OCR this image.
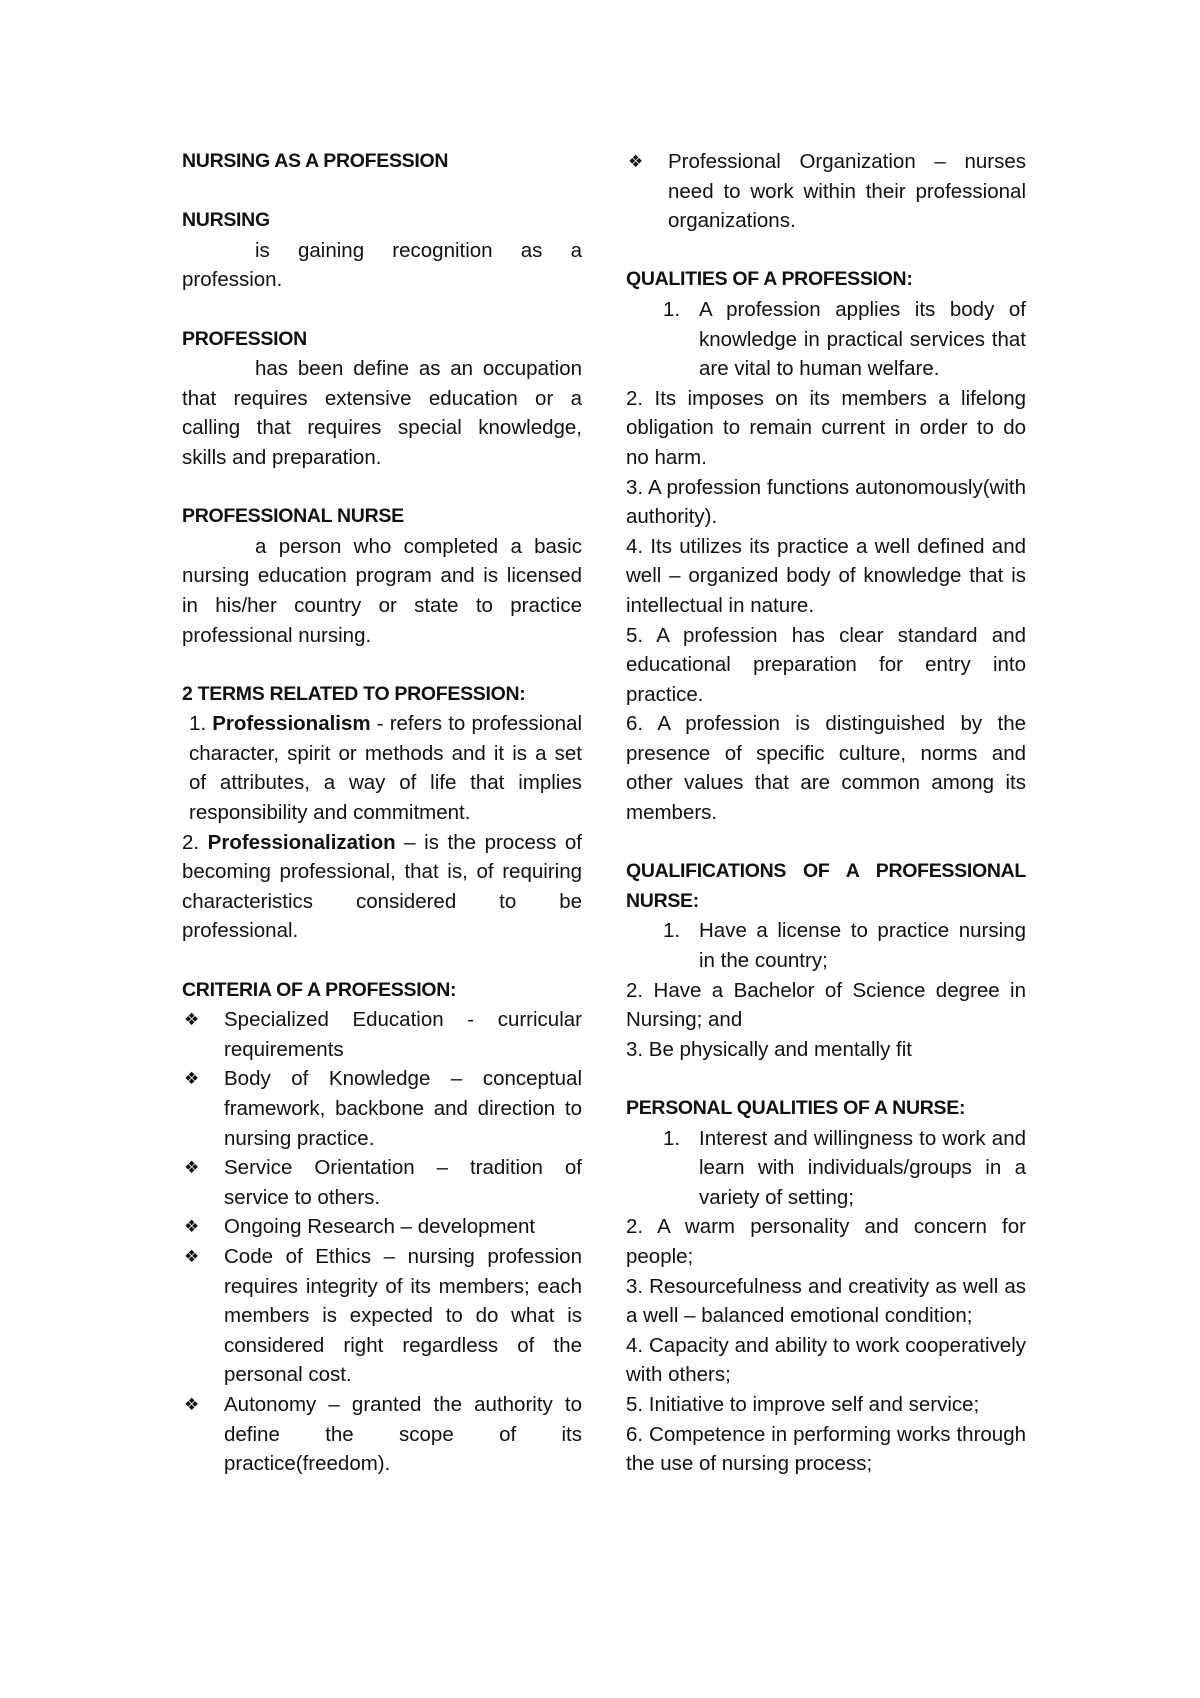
NURSING AS A PROFESSION

NURSING

is gaining recognition as a profession.

PROFESSION

has been define as an occupation that requires extensive education or a calling that requires special knowledge, skills and preparation.

PROFESSIONAL NURSE

a person who completed a basic nursing education program and is licensed in his/her country or state to practice professional nursing.

2 TERMS RELATED TO PROFESSION:

1. Professionalism - refers to professional character, spirit or methods and it is a set of attributes, a way of life that implies responsibility and commitment.

2. Professionalization – is the process of becoming professional, that is, of requiring characteristics considered to be professional.

CRITERIA OF A PROFESSION:

❖ Specialized Education - curricular requirements
❖ Body of Knowledge – conceptual framework, backbone and direction to nursing practice.
❖ Service Orientation – tradition of service to others.
❖ Ongoing Research – development
❖ Code of Ethics – nursing profession requires integrity of its members; each members is expected to do what is considered right regardless of the personal cost.
❖ Autonomy – granted the authority to define the scope of its practice(freedom).
❖ Professional Organization – nurses need to work within their professional organizations.

QUALITIES OF A PROFESSION:

1. A profession applies its body of knowledge in practical services that are vital to human welfare.

2. Its imposes on its members a lifelong obligation to remain current in order to do no harm.

3. A profession functions autonomously(with authority).

4. Its utilizes its practice a well defined and well – organized body of knowledge that is intellectual in nature.

5. A profession has clear standard and educational preparation for entry into practice.

6. A profession is distinguished by the presence of specific culture, norms and other values that are common among its members.

QUALIFICATIONS OF A PROFESSIONAL NURSE:

1. Have a license to practice nursing in the country;

2. Have a Bachelor of Science degree in Nursing; and

3. Be physically and mentally fit

PERSONAL QUALITIES OF A NURSE:

1. Interest and willingness to work and learn with individuals/groups in a variety of setting;

2. A warm personality and concern for people;

3. Resourcefulness and creativity as well as a well – balanced emotional condition;

4. Capacity and ability to work cooperatively with others;

5. Initiative to improve self and service;

6. Competence in performing works through the use of nursing process;
